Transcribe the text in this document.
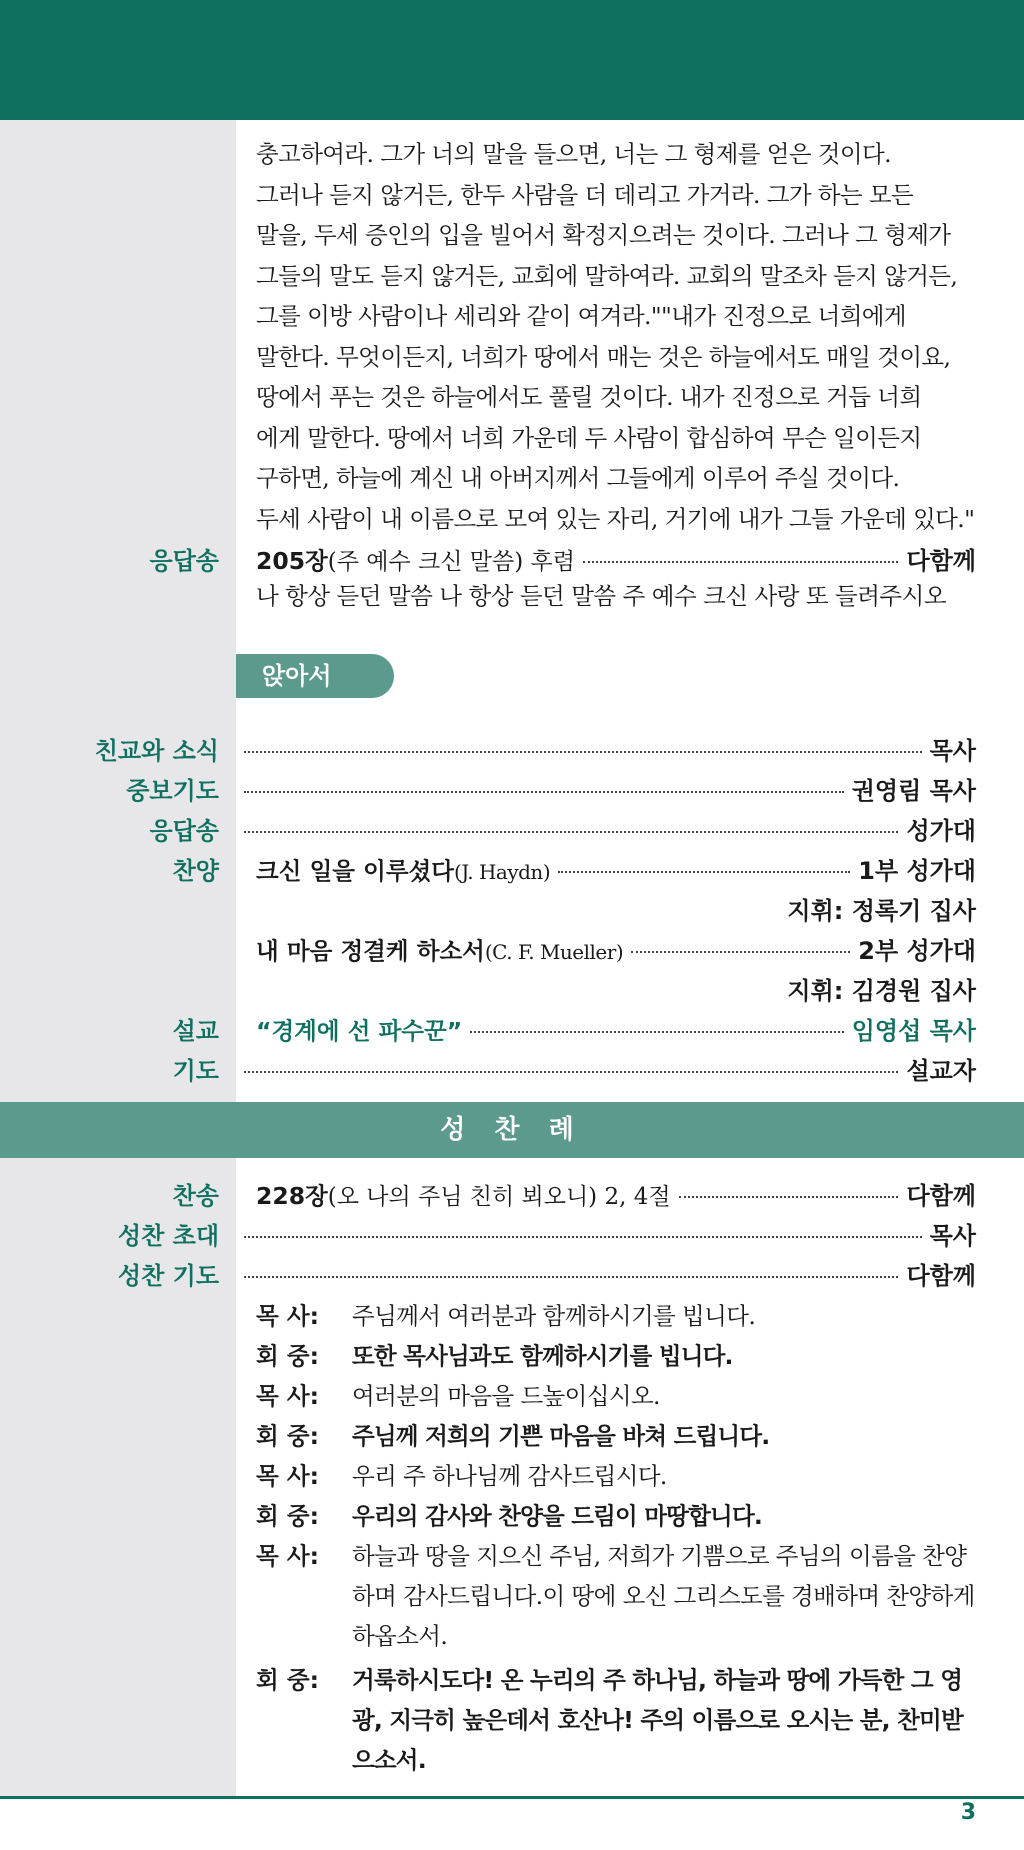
충고하여라. 그가 너의 말을 들으면, 너는 그 형제를 얻은 것이다.
그러나 듣지 않거든, 한두 사람을 더 데리고 가거라. 그가 하는 모든
말을, 두세 증인의 입을 빌어서 확정지으려는 것이다. 그러나 그 형제가
그들의 말도 듣지 않거든, 교회에 말하여라. 교회의 말조차 듣지 않거든,
그를 이방 사람이나 세리와 같이 여겨라.""내가 진정으로 너희에게
말한다. 무엇이든지, 너희가 땅에서 매는 것은 하늘에서도 매일 것이요,
땅에서 푸는 것은 하늘에서도 풀릴 것이다. 내가 진정으로 거듭 너희
에게 말한다. 땅에서 너희 가운데 두 사람이 합심하여 무슨 일이든지
구하면, 하늘에 계신 내 아버지께서 그들에게 이루어 주실 것이다.
두세 사람이 내 이름으로 모여 있는 자리, 거기에 내가 그들 가운데 있다."
응답송 205장(주 예수 크신 말씀) 후렴	다함께
나 항상 듣던 말씀 나 항상 듣던 말씀 주 예수 크신 사랑 또 들려주시오
앉아서
친교와 소식	목사
중보기도	권영림 목사
응답송	성가대
찬양 크신 일을 이루셨다(J. Haydn)	1부 성가대
지휘: 정록기 집사
내 마음 정결케 하소서(C. F. Mueller)	2부 성가대
지휘: 김경원 집사
설교 “경계에 선 파수꾼”	임영섭 목사
기도	설교자
성 찬 례
찬송 228장(오 나의 주님 친히 뵈오니) 2, 4절	다함께
성찬 초대	목사
성찬 기도	다함께
목 사:	주님께서 여러분과 함께하시기를 빕니다.
회 중:	또한 목사님과도 함께하시기를 빕니다.
목 사:	여러분의 마음을 드높이십시오.
회 중:	주님께 저희의 기쁜 마음을 바쳐 드립니다.
목 사:	우리 주 하나님께 감사드립시다.
회 중:	우리의 감사와 찬양을 드림이 마땅합니다.
목 사:	하늘과 땅을 지으신 주님, 저희가 기쁨으로 주님의 이름을 찬양하며 감사드립니다.이 땅에 오신 그리스도를 경배하며 찬양하게 하옵소서.
회 중:	거룩하시도다! 온 누리의 주 하나님, 하늘과 땅에 가득한 그 영광, 지극히 높은데서 호산나! 주의 이름으로 오시는 분, 찬미받으소서.
3
